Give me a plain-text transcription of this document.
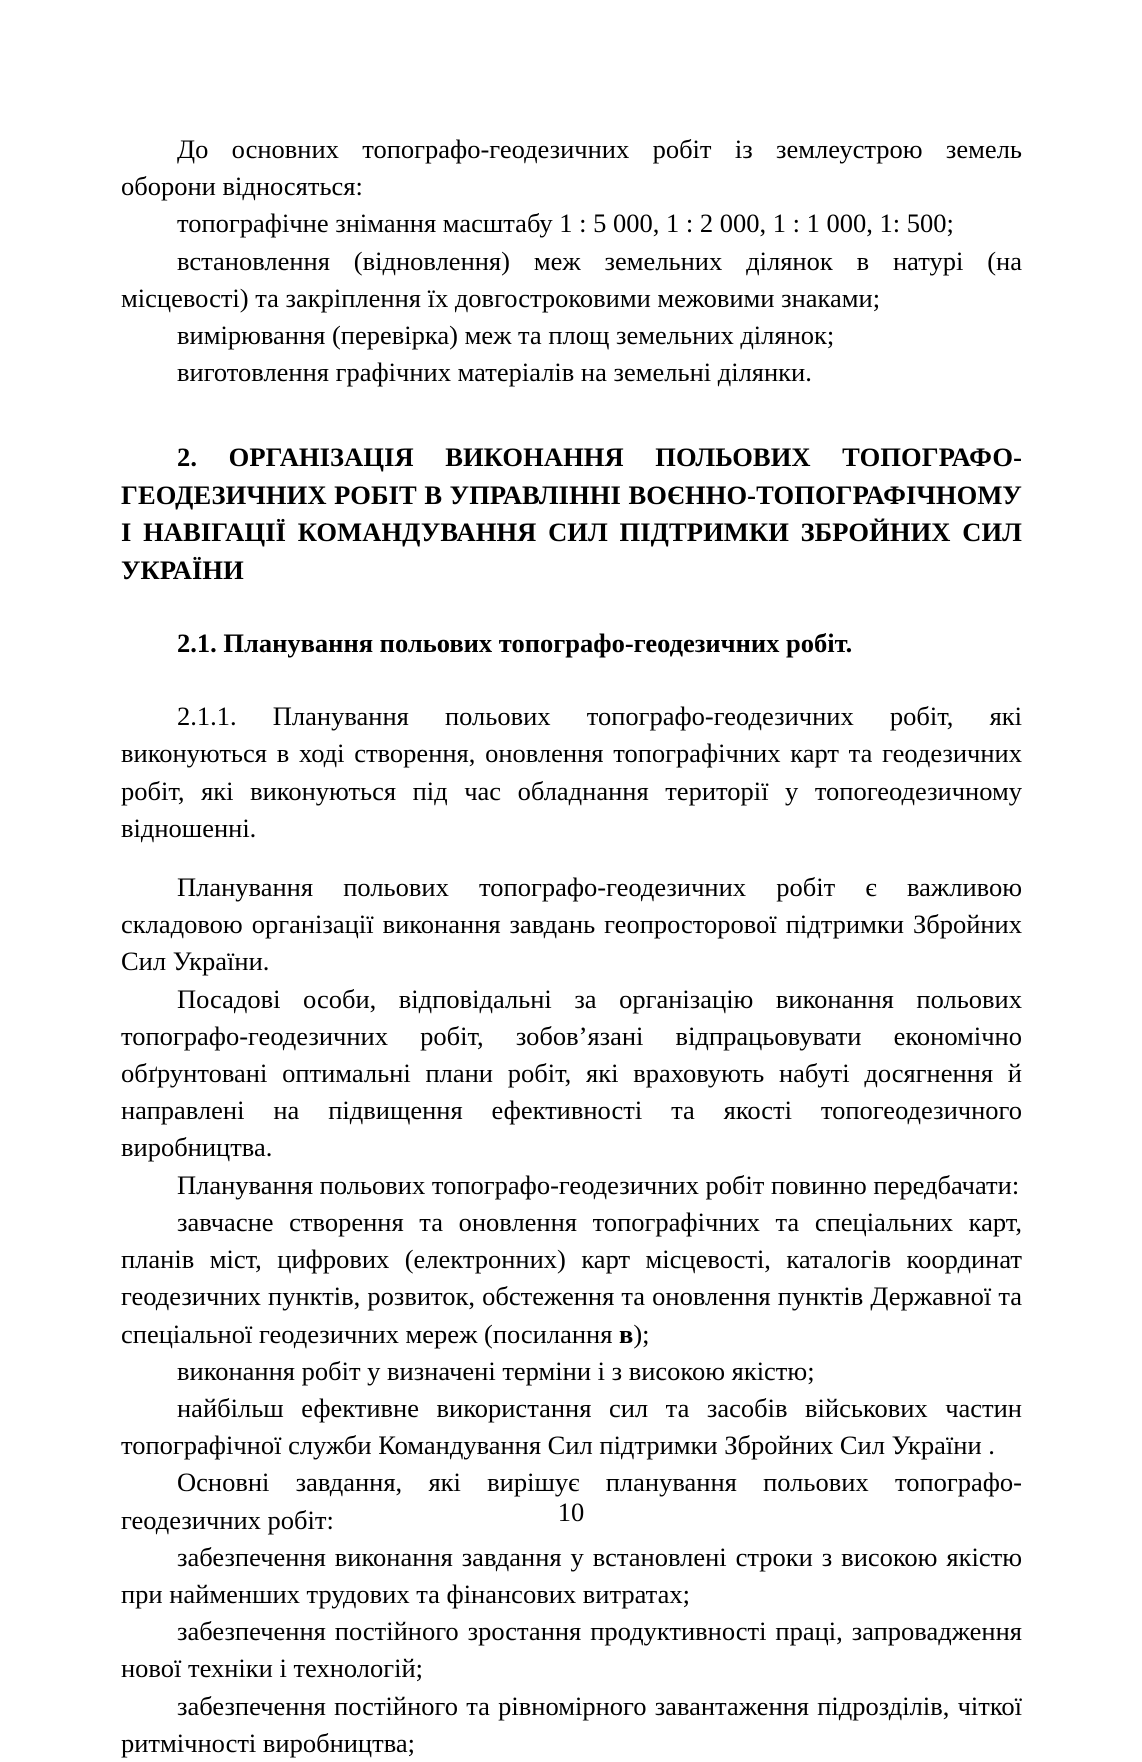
До основних топографо-геодезичних робіт із землеустрою земель оборони відносяться:

топографічне знімання масштабу 1 : 5 000, 1 : 2 000, 1 : 1 000, 1: 500;

встановлення (відновлення) меж земельних ділянок в натурі (на місцевості) та закріплення їх довгостроковими межовими знаками;

вимірювання (перевірка) меж та площ земельних ділянок;

виготовлення графічних матеріалів на земельні ділянки.

2. ОРГАНІЗАЦІЯ ВИКОНАННЯ ПОЛЬОВИХ ТОПОГРАФО-ГЕОДЕЗИЧНИХ РОБІТ В УПРАВЛІННІ ВОЄННО-ТОПОГРАФІЧНОМУ І НАВІГАЦІЇ КОМАНДУВАННЯ СИЛ ПІДТРИМКИ ЗБРОЙНИХ СИЛ УКРАЇНИ
2.1. Планування польових топографо-геодезичних робіт.

2.1.1. Планування польових топографо-геодезичних робіт, які виконуються в ході створення, оновлення топографічних карт та геодезичних робіт, які виконуються під час обладнання території у топогеодезичному відношенні.

Планування польових топографо-геодезичних робіт є важливою складовою організації виконання завдань геопросторової підтримки Збройних Сил України.

Посадові особи, відповідальні за організацію виконання польових топографо-геодезичних робіт, зобов’язані відпрацьовувати економічно обґрунтовані оптимальні плани робіт, які враховують набуті досягнення й направлені на підвищення ефективності та якості топогеодезичного виробництва.

Планування польових топографо-геодезичних робіт повинно передбачати:

завчасне створення та оновлення топографічних та спеціальних карт, планів міст, цифрових (електронних) карт місцевості, каталогів координат геодезичних пунктів, розвиток, обстеження та оновлення пунктів Державної та спеціальної геодезичних мереж (посилання в);

виконання робіт у визначені терміни і з високою якістю;

найбільш ефективне використання сил та засобів військових частин топографічної служби Командування Сил підтримки Збройних Сил України .

Основні завдання, які вирішує планування польових топографо-геодезичних робіт:

забезпечення виконання завдання у встановлені строки з високою якістю при найменших трудових та фінансових витратах;

забезпечення постійного зростання продуктивності праці, запровадження нової техніки і технологій;

забезпечення постійного та рівномірного завантаження підрозділів, чіткої ритмічності виробництва;

10
